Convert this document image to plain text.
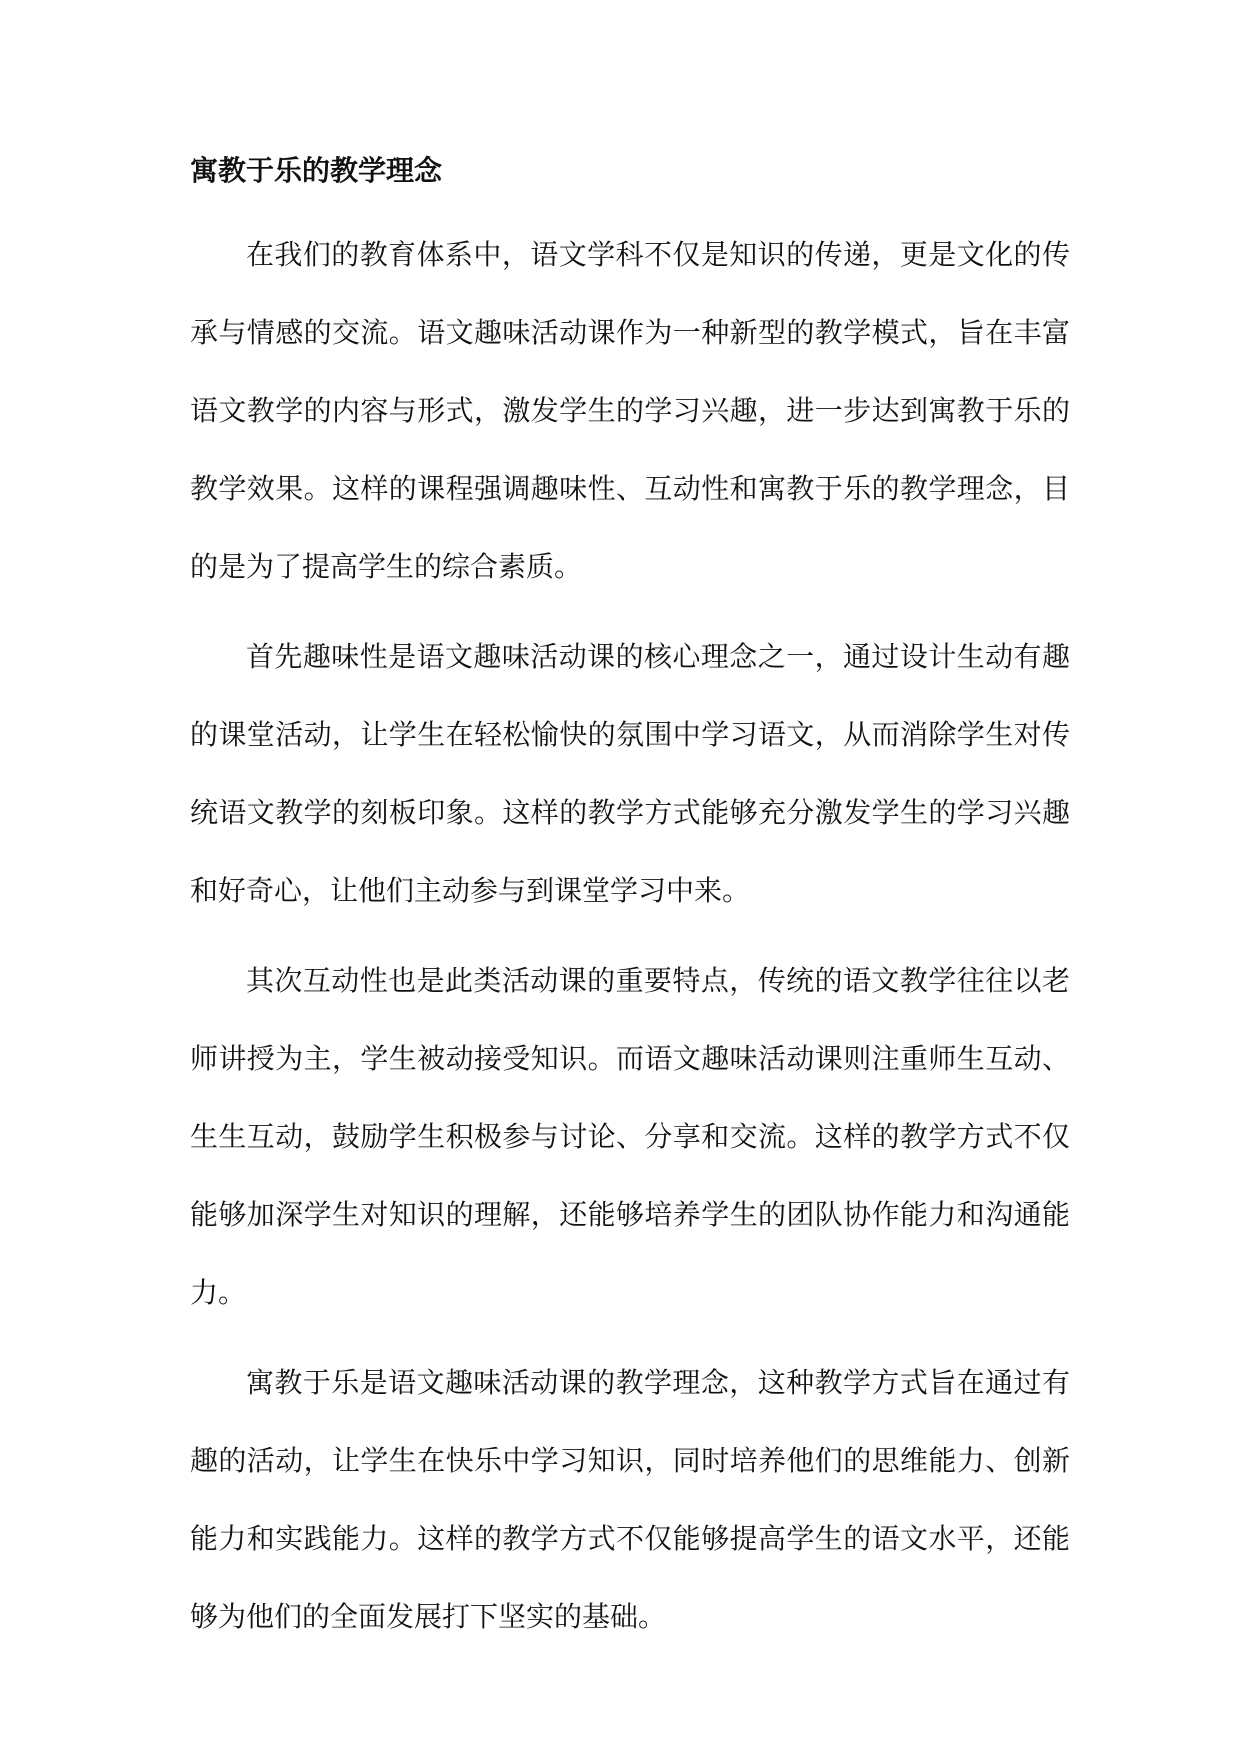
寓教于乐的教学理念

在我们的教育体系中，语文学科不仅是知识的传递，更是文化的传承与情感的交流。语文趣味活动课作为一种新型的教学模式，旨在丰富语文教学的内容与形式，激发学生的学习兴趣，进一步达到寓教于乐的教学效果。这样的课程强调趣味性、互动性和寓教于乐的教学理念，目的是为了提高学生的综合素质。

首先趣味性是语文趣味活动课的核心理念之一，通过设计生动有趣的课堂活动，让学生在轻松愉快的氛围中学习语文，从而消除学生对传统语文教学的刻板印象。这样的教学方式能够充分激发学生的学习兴趣和好奇心，让他们主动参与到课堂学习中来。

其次互动性也是此类活动课的重要特点，传统的语文教学往往以老师讲授为主，学生被动接受知识。而语文趣味活动课则注重师生互动、生生互动，鼓励学生积极参与讨论、分享和交流。这样的教学方式不仅能够加深学生对知识的理解，还能够培养学生的团队协作能力和沟通能力。

寓教于乐是语文趣味活动课的教学理念，这种教学方式旨在通过有趣的活动，让学生在快乐中学习知识，同时培养他们的思维能力、创新能力和实践能力。这样的教学方式不仅能够提高学生的语文水平，还能够为他们的全面发展打下坚实的基础。
